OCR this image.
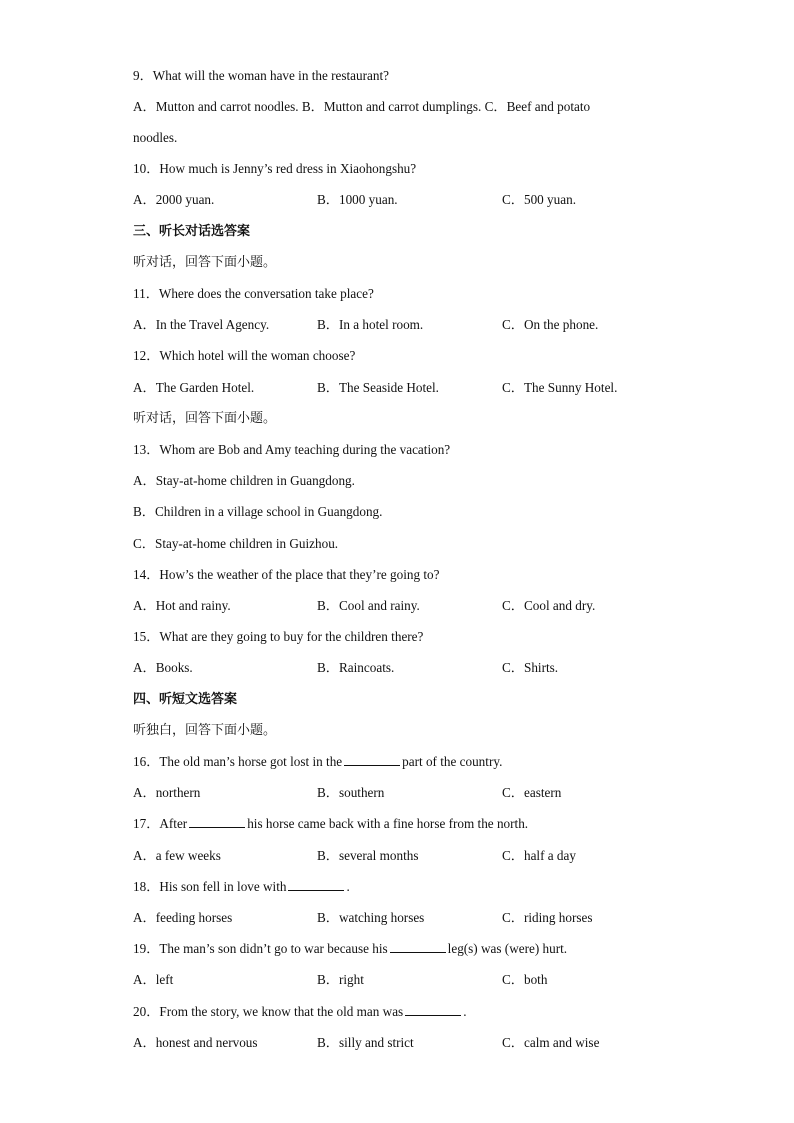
9．What will the woman have in the restaurant?
A．Mutton and carrot noodles. B．Mutton and carrot dumplings. C．Beef and potato
noodles.
10．How much is Jenny’s red dress in Xiaohongshu?
A．2000 yuan.	B．1000 yuan.	C．500 yuan.
三、听长对话选答案
听对话，回答下面小题。
11．Where does the conversation take place?
A．In the Travel Agency.	B．In a hotel room.	C．On the phone.
12．Which hotel will the woman choose?
A．The Garden Hotel.	B．The Seaside Hotel.	C．The Sunny Hotel.
听对话，回答下面小题。
13．Whom are Bob and Amy teaching during the vacation?
A．Stay-at-home children in Guangdong.
B．Children in a village school in Guangdong.
C．Stay-at-home children in Guizhou.
14．How’s the weather of the place that they’re going to?
A．Hot and rainy.	B．Cool and rainy.	C．Cool and dry.
15．What are they going to buy for the children there?
A．Books.	B．Raincoats.	C．Shirts.
四、听短文选答案
听独白，回答下面小题。
16．The old man’s horse got lost in the	part of the country.
A．northern	B．southern	C．eastern
17．After	his horse came back with a fine horse from the north.
A．a few weeks	B．several months	C．half a day
18．His son fell in love with	.
A．feeding horses	B．watching horses	C．riding horses
19．The man’s son didn’t go to war because his	leg(s) was (were) hurt.
A．left	B．right	C．both
20．From the story, we know that the old man was	.
A．honest and nervous	B．silly and strict	C．calm and wise
